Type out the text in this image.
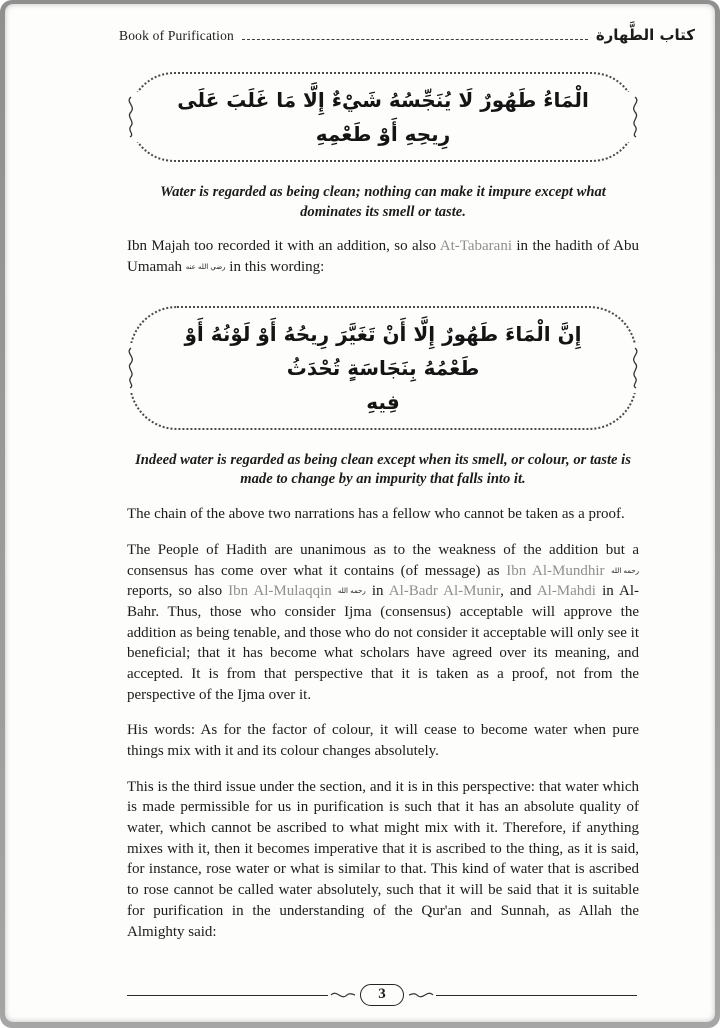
Book of Purification	كتاب الطَّهارة
الْمَاءُ طَهُورٌ لَا يُنَجِّسُهُ شَيْءٌ إِلَّا مَا غَلَبَ عَلَى رِيحِهِ أَوْ طَعْمِهِ
Water is regarded as being clean; nothing can make it impure except what dominates its smell or taste.

Ibn Majah too recorded it with an addition, so also At-Tabarani in the hadith of Abu Umamah رضي الله عنه in this wording:

إِنَّ الْمَاءَ طَهُورٌ إِلَّا أَنْ تَغَيَّرَ رِيحُهُ أَوْ لَوْنُهُ أَوْ طَعْمُهُ بِنَجَاسَةٍ تُحْدَثُ
فِيهِ
Indeed water is regarded as being clean except when its smell, or colour, or taste is made to change by an impurity that falls into it.

The chain of the above two narrations has a fellow who cannot be taken as a proof.

The People of Hadith are unanimous as to the weakness of the addition but a consensus has come over what it contains (of message) as Ibn Al-Mundhir رحمه الله reports, so also Ibn Al-Mulaqqin رحمه الله in Al-Badr Al-Munir, and Al-Mahdi in Al-Bahr. Thus, those who consider Ijma (consensus) acceptable will approve the addition as being tenable, and those who do not consider it acceptable will only see it beneficial; that it has become what scholars have agreed over its meaning, and accepted. It is from that perspective that it is taken as a proof, not from the perspective of the Ijma over it.

His words: As for the factor of colour, it will cease to become water when pure things mix with it and its colour changes absolutely.

This is the third issue under the section, and it is in this perspective: that water which is made permissible for us in purification is such that it has an absolute quality of water, which cannot be ascribed to what might mix with it. Therefore, if anything mixes with it, then it becomes imperative that it is ascribed to the thing, as it is said, for instance, rose water or what is similar to that. This kind of water that is ascribed to rose cannot be called water absolutely, such that it will be said that it is suitable for purification in the understanding of the Qur'an and Sunnah, as Allah the Almighty said:

3
